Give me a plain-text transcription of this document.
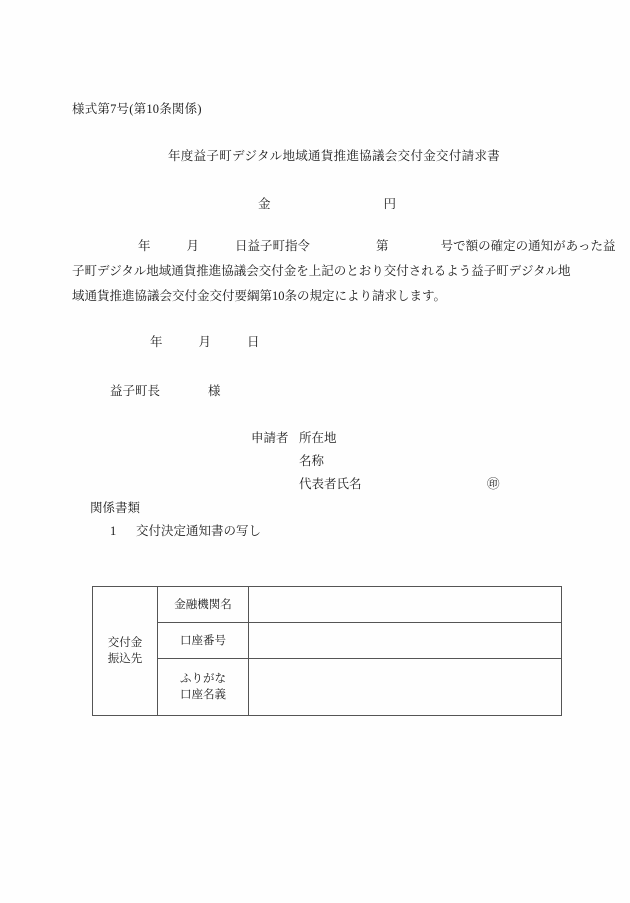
様式第7号(第10条関係)
年度益子町デジタル地域通貨推進協議会交付金交付請求書
金	円
年	月	日益子町指令	第	号で額の確定の通知があった益
子町デジタル地域通貨推進協議会交付金を上記のとおり交付されるよう益子町デジタル地
域通貨推進協議会交付金交付要綱第10条の規定により請求します。
年	月	日
益子町長	様
申請者 所在地
名称
代表者氏名	㊞
関係書類
1 交付決定通知書の写し
交付金
振込先	金融機関名	
	口座番号	

	ふりがな
口座名義	
